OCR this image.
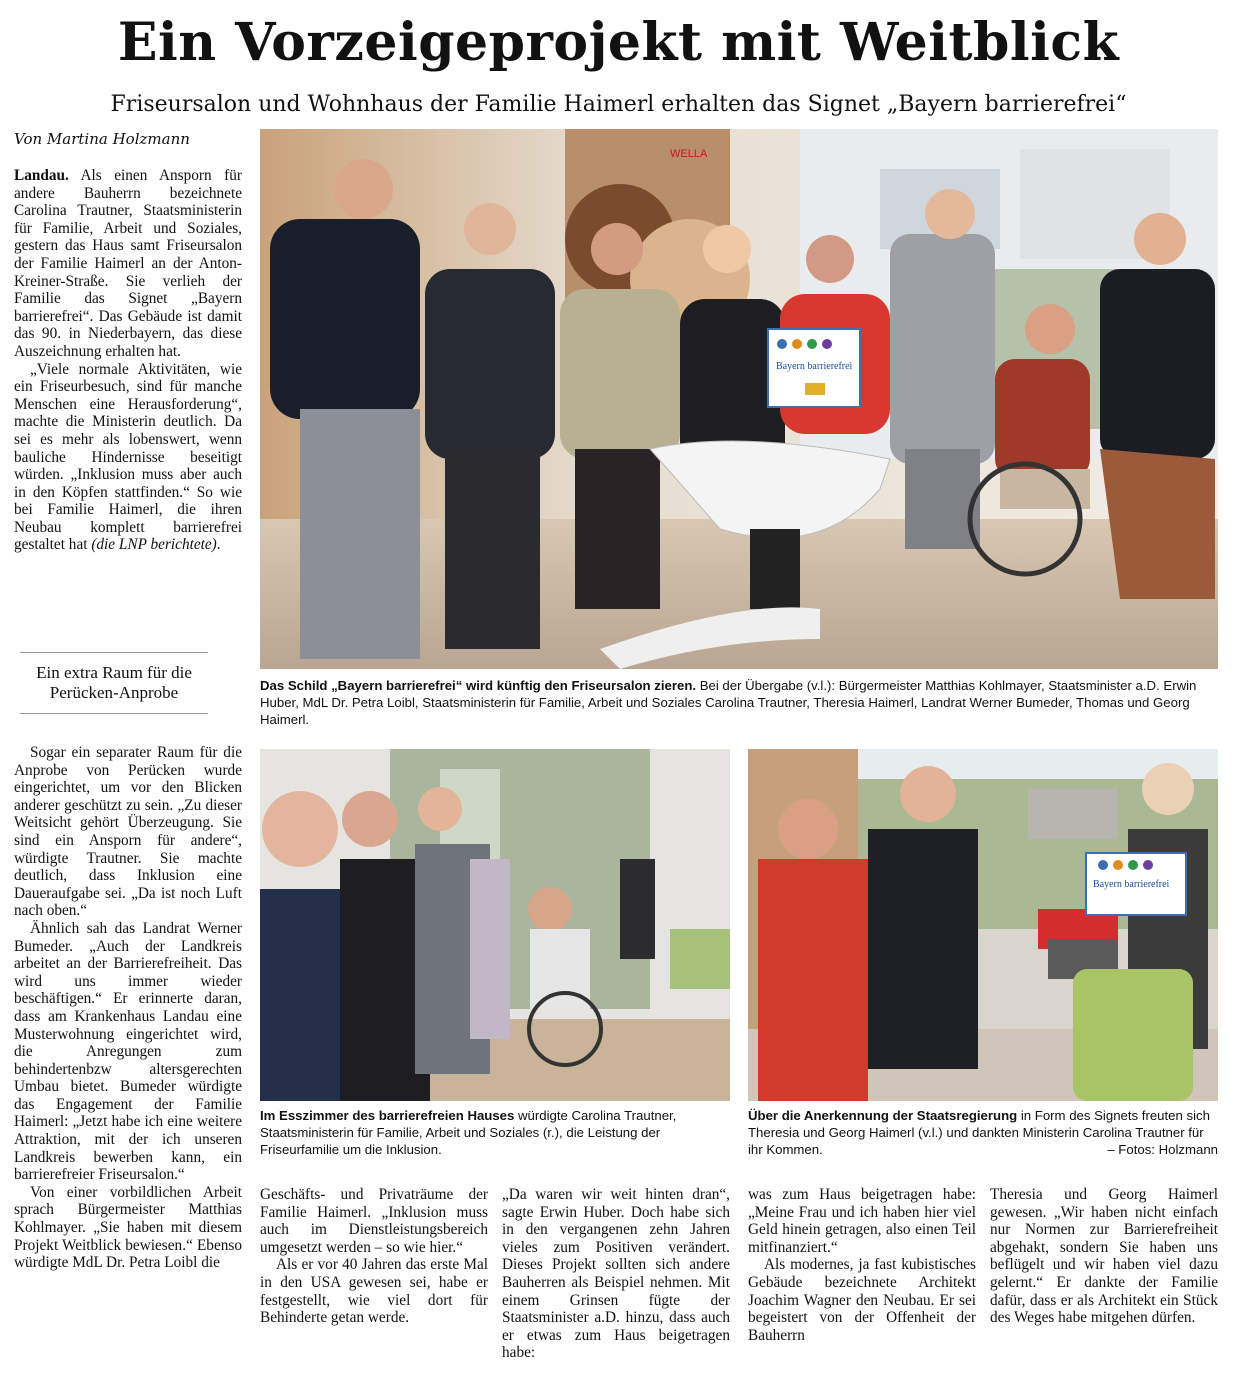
Ein Vorzeigeprojekt mit Weitblick
Friseursalon und Wohnhaus der Familie Haimerl erhalten das Signet „Bayern barrierefrei“
Von Martina Holzmann

Landau. Als einen Ansporn für andere Bauherrn bezeichnete Carolina Trautner, Staatsministerin für Familie, Arbeit und Soziales, gestern das Haus samt Friseursalon der Familie Haimerl an der Anton-Kreiner-Straße. Sie verlieh der Familie das Signet „Bayern barrierefrei“. Das Gebäude ist damit das 90. in Niederbayern, das diese Auszeichnung erhalten hat.

„Viele normale Aktivitäten, wie ein Friseurbesuch, sind für manche Menschen eine Herausforderung“, machte die Ministerin deutlich. Da sei es mehr als lobenswert, wenn bauliche Hindernisse beseitigt würden. „Inklusion muss aber auch in den Köpfen stattfinden.“ So wie bei Familie Haimerl, die ihren Neubau komplett barrierefrei gestaltet hat (die LNP berichtete).

Ein extra Raum für die Perücken-Anprobe

Sogar ein separater Raum für die Anprobe von Perücken wurde eingerichtet, um vor den Blicken anderer geschützt zu sein. „Zu dieser Weitsicht gehört Überzeugung. Sie sind ein Ansporn für andere“, würdigte Trautner. Sie machte deutlich, dass Inklusion eine Daueraufgabe sei. „Da ist noch Luft nach oben.“

Ähnlich sah das Landrat Werner Bumeder. „Auch der Landkreis arbeitet an der Barrierefreiheit. Das wird uns immer wieder beschäftigen.“ Er erinnerte daran, dass am Krankenhaus Landau eine Musterwohnung eingerichtet wird, die Anregungen zum behindertenbzw altersgerechten Umbau bietet. Bumeder würdigte das Engagement der Familie Haimerl: „Jetzt habe ich eine weitere Attraktion, mit der ich unseren Landkreis bewerben kann, ein barrierefreier Friseursalon.“

Von einer vorbildlichen Arbeit sprach Bürgermeister Matthias Kohlmayer. „Sie haben mit diesem Projekt Weitblick bewiesen.“ Ebenso würdigte MdL Dr. Petra Loibl die

WELLA
Bayern barrierefrei
Das Schild „Bayern barrierefrei“ wird künftig den Friseursalon zieren. Bei der Übergabe (v.l.): Bürgermeister Matthias Kohlmayer, Staatsminister a.D. Erwin Huber, MdL Dr. Petra Loibl, Staatsministerin für Familie, Arbeit und Soziales Carolina Trautner, Theresia Haimerl, Landrat Werner Bumeder, Thomas und Georg Haimerl.
Im Esszimmer des barrierefreien Hauses würdigte Carolina Trautner, Staatsministerin für Familie, Arbeit und Soziales (r.), die Leistung der Friseurfamilie um die Inklusion.
Bayern barrierefrei
Über die Anerkennung der Staatsregierung in Form des Signets freuten sich Theresia und Georg Haimerl (v.l.) und dankten Ministerin Carolina Trautner für ihr Kommen.	– Fotos: Holzmann

Geschäfts- und Privaträume der Familie Haimerl. „Inklusion muss auch im Dienstleistungsbereich umgesetzt werden – so wie hier.“

Als er vor 40 Jahren das erste Mal in den USA gewesen sei, habe er festgestellt, wie viel dort für Behinderte getan werde.

„Da waren wir weit hinten dran“, sagte Erwin Huber. Doch habe sich in den vergangenen zehn Jahren vieles zum Positiven verändert. Dieses Projekt sollten sich andere Bauherren als Beispiel nehmen. Mit einem Grinsen fügte der Staatsminister a.D. hinzu, dass auch er etwas zum Haus beigetragen habe:

was zum Haus beigetragen habe: „Meine Frau und ich haben hier viel Geld hinein getragen, also einen Teil mitfinanziert.“

Als modernes, ja fast kubistisches Gebäude bezeichnete Architekt Joachim Wagner den Neubau. Er sei begeistert von der Offenheit der Bauherrn

Theresia und Georg Haimerl gewesen. „Wir haben nicht einfach nur Normen zur Barrierefreiheit abgehakt, sondern Sie haben uns beflügelt und wir haben viel dazu gelernt.“ Er dankte der Familie dafür, dass er als Architekt ein Stück des Weges habe mitgehen dürfen.
